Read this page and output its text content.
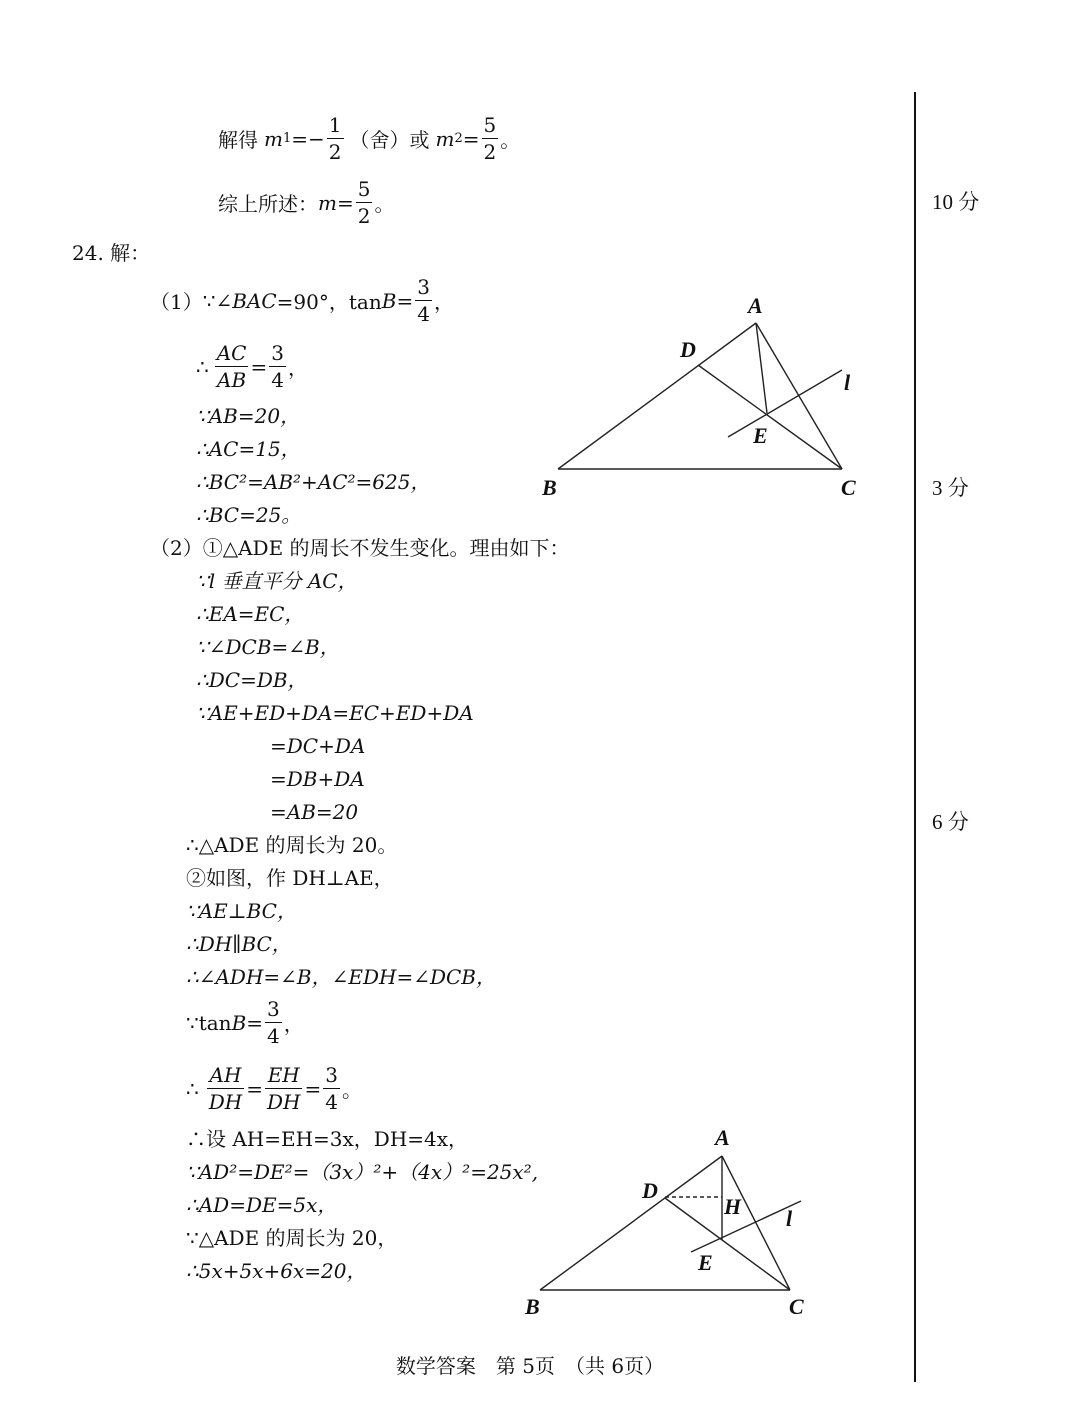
解得 m $1 =- \frac{1}{2}$ （舍）或 m $2 = \frac{5}{2}$ 。
综上所述： $m = \frac{5}{2}$ 。
24. 解：
（1） ∵∠ BAC =90°，$\tan B = \frac{3}{4}$ ，
∴ $\frac{AC}{AB} = \frac{3}{4}$ ，
∵AB=20，
∴AC=15，
∴BC²=AB²+AC²=625，
∴BC=25。
（2）①△ADE 的周长不发生变化。理由如下：
∵l 垂直平分 AC，
∴EA=EC，
∵∠DCB=∠B，
∴DC=DB，
∵AE+ED+DA=EC+ED+DA
=DC+DA
=DB+DA
=AB=20
∴△ADE 的周长为 20。
②如图，作 DH⊥AE，
∵AE⊥BC，
∴DH∥BC，
∴∠ADH=∠B，∠EDH=∠DCB，
∵tan $B = \frac{3}{4}$ ，
∴ $\frac{AH}{DH} = \frac{EH}{DH} = \frac{3}{4}$ 。
∴设 AH=EH=3x，DH=4x，
∵AD²=DE²=（3x）²+（4x）²=25x²,
∴AD=DE=5x，
∵△ADE 的周长为 20，
∴5x+5x+6x=20，
A
B	C
D
E
l
A
B	C
D
H
E
l
10 分
3 分
6 分
数学答案　第 5页　（共 6页）
